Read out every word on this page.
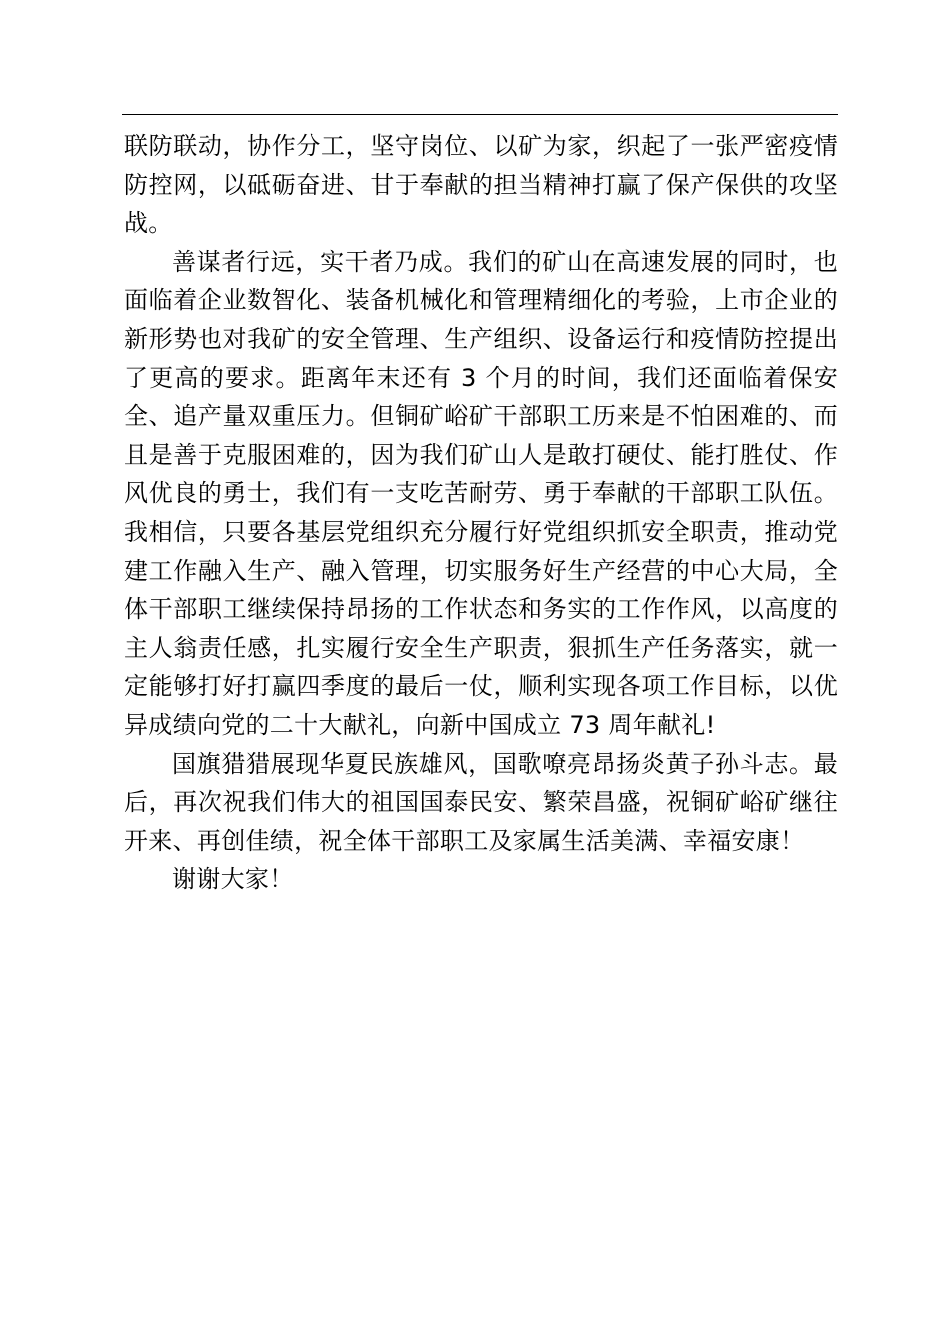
联防联动，协作分工，坚守岗位、以矿为家，织起了一张严密疫情防控网，以砥砺奋进、甘于奉献的担当精神打赢了保产保供的攻坚战。

善谋者行远，实干者乃成。我们的矿山在高速发展的同时，也面临着企业数智化、装备机械化和管理精细化的考验，上市企业的新形势也对我矿的安全管理、生产组织、设备运行和疫情防控提出了更高的要求。距离年末还有 3 个月的时间，我们还面临着保安全、追产量双重压力。但铜矿峪矿干部职工历来是不怕困难的、而且是善于克服困难的，因为我们矿山人是敢打硬仗、能打胜仗、作风优良的勇士，我们有一支吃苦耐劳、勇于奉献的干部职工队伍。我相信，只要各基层党组织充分履行好党组织抓安全职责，推动党建工作融入生产、融入管理，切实服务好生产经营的中心大局，全体干部职工继续保持昂扬的工作状态和务实的工作作风，以高度的主人翁责任感，扎实履行安全生产职责，狠抓生产任务落实，就一定能够打好打赢四季度的最后一仗，顺利实现各项工作目标，以优异成绩向党的二十大献礼，向新中国成立 73 周年献礼!

国旗猎猎展现华夏民族雄风，国歌嘹亮昂扬炎黄子孙斗志。最后，再次祝我们伟大的祖国国泰民安、繁荣昌盛，祝铜矿峪矿继往开来、再创佳绩，祝全体干部职工及家属生活美满、幸福安康！

谢谢大家！
